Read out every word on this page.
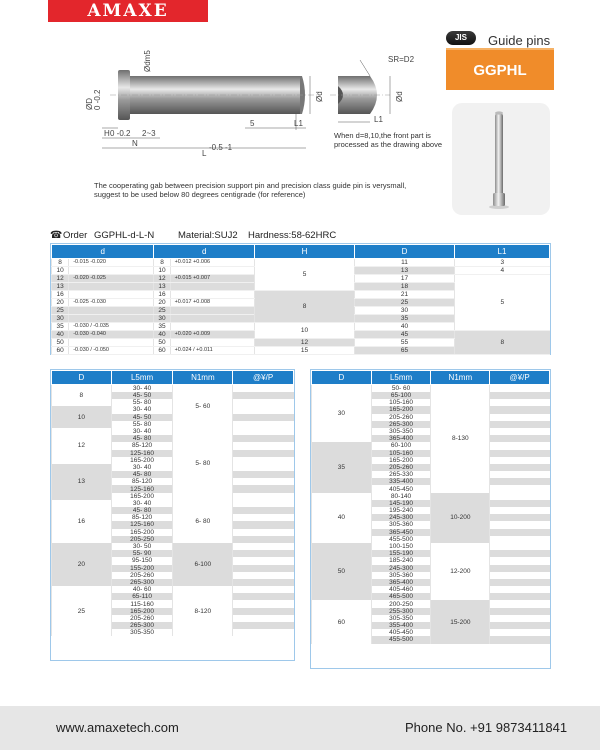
AMAXE
JIS	Guide pins
GGPHL
Ødm5
ØD 0 -0.2
SR=D2
Ød	Ød
H 0 -0.2 2~3
N
L
-0.5 -1
L1	L1
5
When d=8,10,the front part is
processed as the drawing above
The cooperating gab between precision support pin and precision class guide pin is verysmall,
suggest to be used below 80 degrees centigrade (for reference)
☎ Order GGPHL-d-L-N	Material:SUJ2 Hardness:58-62HRC
d		d		H	D	L1
8	-0.015 -0.020	8	+0.012 +0.006	5	11	3
10		10			13	4
12	-0.020 -0.025	12	+0.015 +0.007		17	5
13		13			18	
16		16		8	21	
20	-0.025 -0.030	20	+0.017 +0.008		25	
25		25			30	
30		30			35	
35	-0.030 / -0.035	35		10	40	
40	-0.030 -0.040	40	+0.020 +0.009		45	8
50		50		12	55	
60	-0.030 / -0.050	60	+0.024 / +0.011	15	65	
D	L5mm	N1mm	@¥/P
8	30- 40	5- 60	
	45- 50		
	55- 80		
10	30- 40		
	45- 50		
	55- 80		
12	30- 40	5- 80	
	45- 80		
	85-120		
	125-160		
	165-200		
13	30- 40		
	45- 80		
	85-120		
	125-160		
	165-200		
16	30- 40	6- 80	
	45- 80		
	85-120		
	125-160		
	165-200		
	205-250		
20	30- 50	6-100	
	55- 90		
	95-150		
	155-200		
	205-260		
	265-300		
25	40- 60	8-120	
	65-110		
	115-160		
	165-200		
	205-260		
	265-300		
	305-350		
D	L5mm	N1mm	@¥/P
30	50- 60	8-130	
	65-100		
	105-160		
	165-200		
	205-260		
	265-300		
	305-350		
	365-400		
35	60-100		
	105-160		
	165-200		
	205-260		
	265-330		
	335-400		
	405-450		
40	80-140	10-200	
	145-190		
	195-240		
	245-300		
	305-360		
	365-450		
	455-500		
50	100-150	12-200	
	155-190		
	185-240		
	245-300		
	305-360		
	365-400		
	405-460		
	465-500		
60	200-250	15-200	
	255-300		
	305-350		
	355-400		
	405-450		
	455-500		
www.amaxetech.com	Phone No. +91 9873411841
